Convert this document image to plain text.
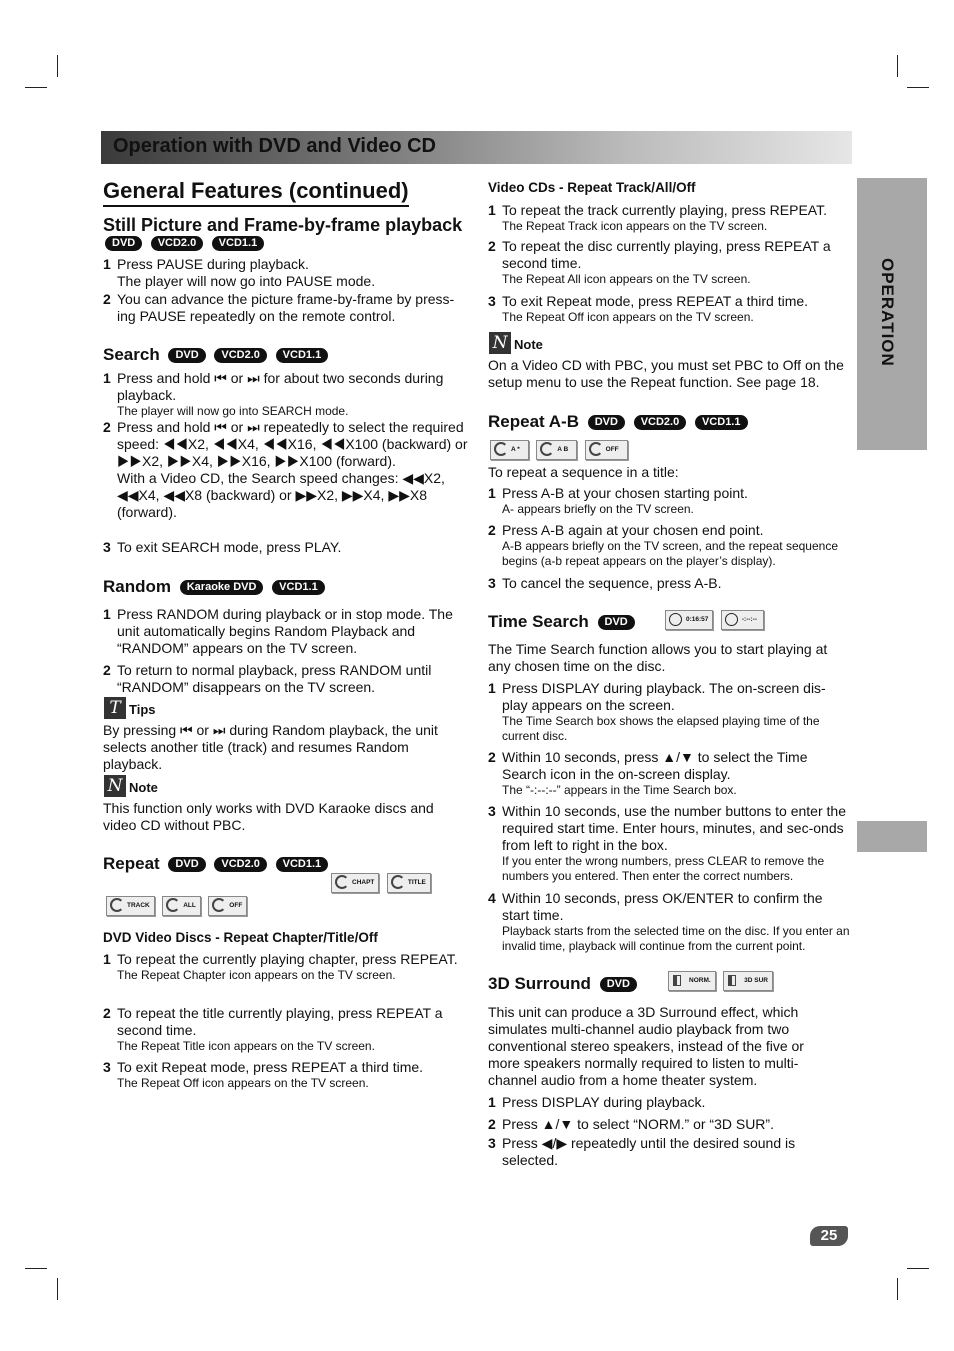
Operation with DVD and Video CD
OPERATION
General Features (continued)
Still Picture and Frame-by-frame playback
DVD VCD2.0 VCD1.1
1 Press PAUSE during playback.
The player will now go into PAUSE mode.
2 You can advance the picture frame-by-frame by press-ing PAUSE repeatedly on the remote control.
Search DVD VCD2.0 VCD1.1
1 Press and hold ⏮ or ⏭ for about two seconds during playback.
The player will now go into SEARCH mode.
2 Press and hold ⏮ or ⏭ repeatedly to select the required speed: ◀◀X2, ◀◀X4, ◀◀X16, ◀◀X100 (backward) or ▶▶X2, ▶▶X4, ▶▶X16, ▶▶X100 (forward).
With a Video CD, the Search speed changes: ◀◀X2, ◀◀X4, ◀◀X8 (backward) or ▶▶X2, ▶▶X4, ▶▶X8 (forward).
3 To exit SEARCH mode, press PLAY.
Random Karaoke DVD VCD1.1
1 Press RANDOM during playback or in stop mode. The unit automatically begins Random Playback and “RANDOM” appears on the TV screen.
2 To return to normal playback, press RANDOM until “RANDOM” disappears on the TV screen.
T Tips
By pressing ⏮ or ⏭ during Random playback, the unit selects another title (track) and resumes Random playback.
N Note
This function only works with DVD Karaoke discs and video CD without PBC.
Repeat DVD VCD2.0 VCD1.1
CHAPT	TITLE
TRACK	ALL	OFF
DVD Video Discs - Repeat Chapter/Title/Off
1 To repeat the currently playing chapter, press REPEAT.
The Repeat Chapter icon appears on the TV screen.
2 To repeat the title currently playing, press REPEAT a second time.
The Repeat Title icon appears on the TV screen.
3 To exit Repeat mode, press REPEAT a third time.
The Repeat Off icon appears on the TV screen.
Video CDs - Repeat Track/All/Off
1 To repeat the track currently playing, press REPEAT.
The Repeat Track icon appears on the TV screen.
2 To repeat the disc currently playing, press REPEAT a second time.
The Repeat All icon appears on the TV screen.
3 To exit Repeat mode, press REPEAT a third time.
The Repeat Off icon appears on the TV screen.
N Note
On a Video CD with PBC, you must set PBC to Off on the setup menu to use the Repeat function. See page 18.
Repeat A-B DVD VCD2.0 VCD1.1
A *	A B	OFF
To repeat a sequence in a title:
1 Press A-B at your chosen starting point.
A- appears briefly on the TV screen.
2 Press A-B again at your chosen end point.
A-B appears briefly on the TV screen, and the repeat sequence begins (a-b repeat appears on the player’s display).
3 To cancel the sequence, press A-B.
Time Search DVD	0:16:57	-:--:--
The Time Search function allows you to start playing at any chosen time on the disc.
1 Press DISPLAY during playback. The on-screen dis-play appears on the screen.
The Time Search box shows the elapsed playing time of the current disc.
2 Within 10 seconds, press ▲/▼ to select the Time Search icon in the on-screen display.
The “-:--:--” appears in the Time Search box.
3 Within 10 seconds, use the number buttons to enter the required start time. Enter hours, minutes, and sec-onds from left to right in the box.
If you enter the wrong numbers, press CLEAR to remove the numbers you entered. Then enter the correct numbers.
4 Within 10 seconds, press OK/ENTER to confirm the start time.
Playback starts from the selected time on the disc. If you enter an invalid time, playback will continue from the current point.
3D Surround DVD	NORM.	3D SUR
This unit can produce a 3D Surround effect, which simulates multi-channel audio playback from two conventional stereo speakers, instead of the five or more speakers normally required to listen to multi-channel audio from a home theater system.
1 Press DISPLAY during playback.
2 Press ▲/▼ to select “NORM.” or “3D SUR”.
3 Press ◀/▶ repeatedly until the desired sound is selected.
25
